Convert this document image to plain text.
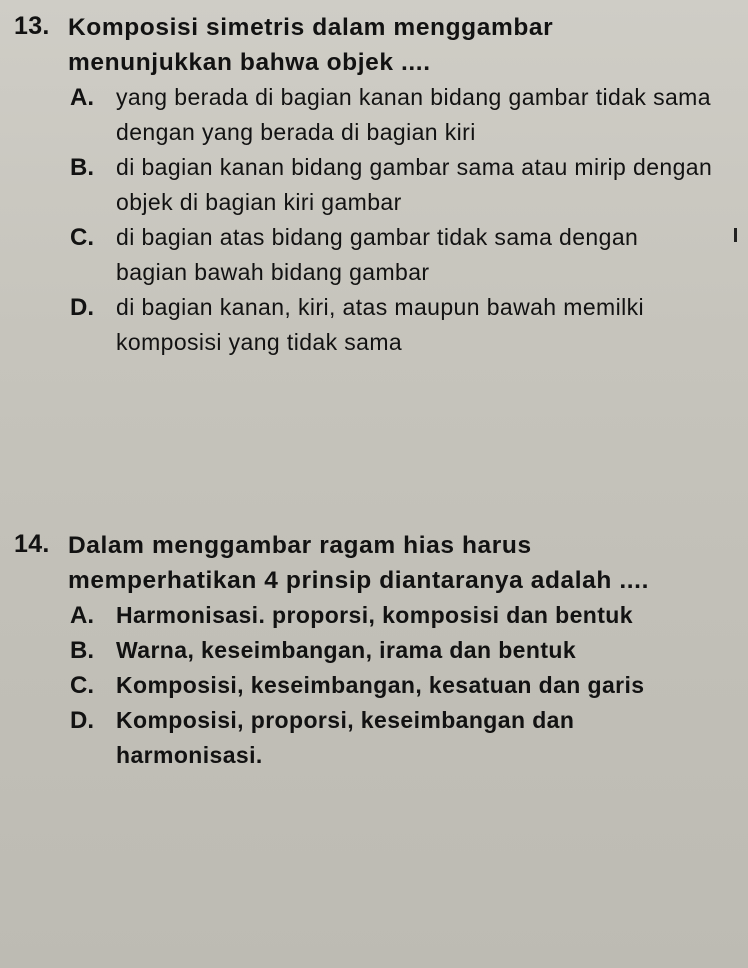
13. Komposisi simetris dalam menggambar menunjukkan bahwa objek ....
A. yang berada di bagian kanan bidang gambar tidak sama dengan yang berada di bagian kiri
B. di bagian kanan bidang gambar sama atau mirip dengan objek di bagian kiri gambar
C. di bagian atas bidang gambar tidak sama dengan bagian bawah bidang gambar
D. di bagian kanan, kiri, atas maupun bawah memilki komposisi yang tidak sama
14. Dalam menggambar ragam hias harus memperhatikan 4 prinsip diantaranya adalah ....
A. Harmonisasi. proporsi, komposisi dan bentuk
B. Warna, keseimbangan, irama dan bentuk
C. Komposisi, keseimbangan, kesatuan dan garis
D. Komposisi, proporsi, keseimbangan dan harmonisasi.
